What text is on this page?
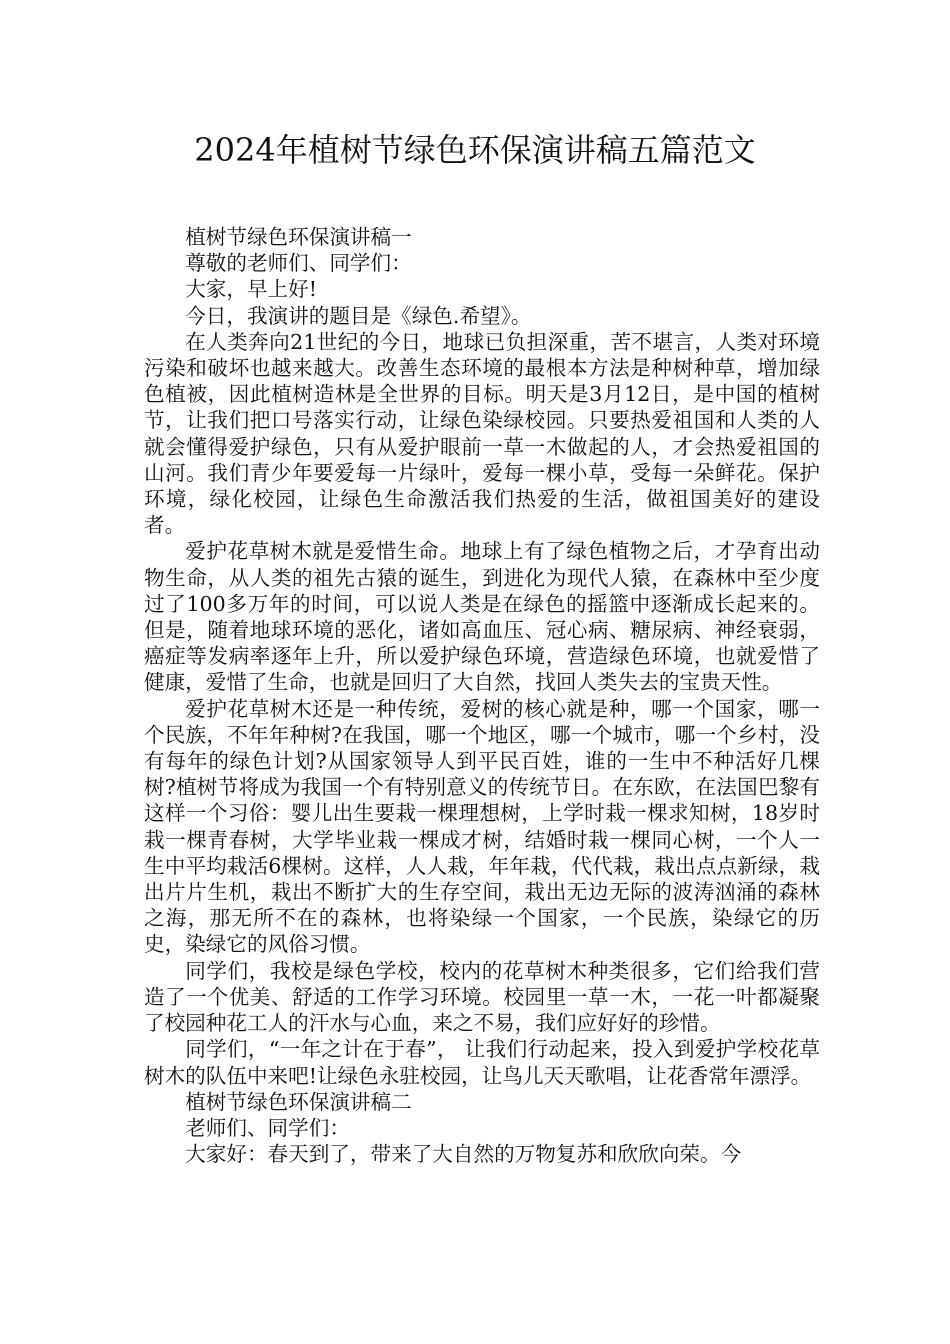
2024年植树节绿色环保演讲稿五篇范文

植树节绿色环保演讲稿一

尊敬的老师们、同学们：

大家，早上好!

今日，我演讲的题目是《绿色.希望》。

在人类奔向21世纪的今日，地球已负担深重，苦不堪言，人类对环境污染和破坏也越来越大。改善生态环境的最根本方法是种树种草，增加绿色植被，因此植树造林是全世界的目标。明天是3月12日，是中国的植树节，让我们把口号落实行动，让绿色染绿校园。只要热爱祖国和人类的人就会懂得爱护绿色，只有从爱护眼前一草一木做起的人，才会热爱祖国的山河。我们青少年要爱每一片绿叶，爱每一棵小草，受每一朵鲜花。保护环境，绿化校园，让绿色生命激活我们热爱的生活，做祖国美好的建设者。

爱护花草树木就是爱惜生命。地球上有了绿色植物之后，才孕育出动物生命，从人类的祖先古猿的诞生，到进化为现代人猿，在森林中至少度过了100多万年的时间，可以说人类是在绿色的摇篮中逐渐成长起来的。但是，随着地球环境的恶化，诸如高血压、冠心病、糖尿病、神经衰弱，癌症等发病率逐年上升，所以爱护绿色环境，营造绿色环境，也就爱惜了健康，爱惜了生命，也就是回归了大自然，找回人类失去的宝贵天性。

爱护花草树木还是一种传统，爱树的核心就是种，哪一个国家，哪一个民族，不年年种树?在我国，哪一个地区，哪一个城市，哪一个乡村，没有每年的绿色计划?从国家领导人到平民百姓，谁的一生中不种活好几棵树?植树节将成为我国一个有特别意义的传统节日。在东欧，在法国巴黎有这样一个习俗：婴儿出生要栽一棵理想树，上学时栽一棵求知树，18岁时栽一棵青春树，大学毕业栽一棵成才树，结婚时栽一棵同心树，一个人一生中平均栽活6棵树。这样，人人栽，年年栽，代代栽，栽出点点新绿，栽出片片生机，栽出不断扩大的生存空间，栽出无边无际的波涛汹涌的森林之海，那无所不在的森林，也将染绿一个国家，一个民族，染绿它的历史，染绿它的风俗习惯。

同学们，我校是绿色学校，校内的花草树木种类很多，它们给我们营造了一个优美、舒适的工作学习环境。校园里一草一木，一花一叶都凝聚了校园种花工人的汗水与心血，来之不易，我们应好好的珍惜。

同学们，“一年之计在于春”， 让我们行动起来，投入到爱护学校花草树木的队伍中来吧!让绿色永驻校园，让鸟儿天天歌唱，让花香常年漂浮。

植树节绿色环保演讲稿二

老师们、同学们：

大家好：春天到了，带来了大自然的万物复苏和欣欣向荣。今
